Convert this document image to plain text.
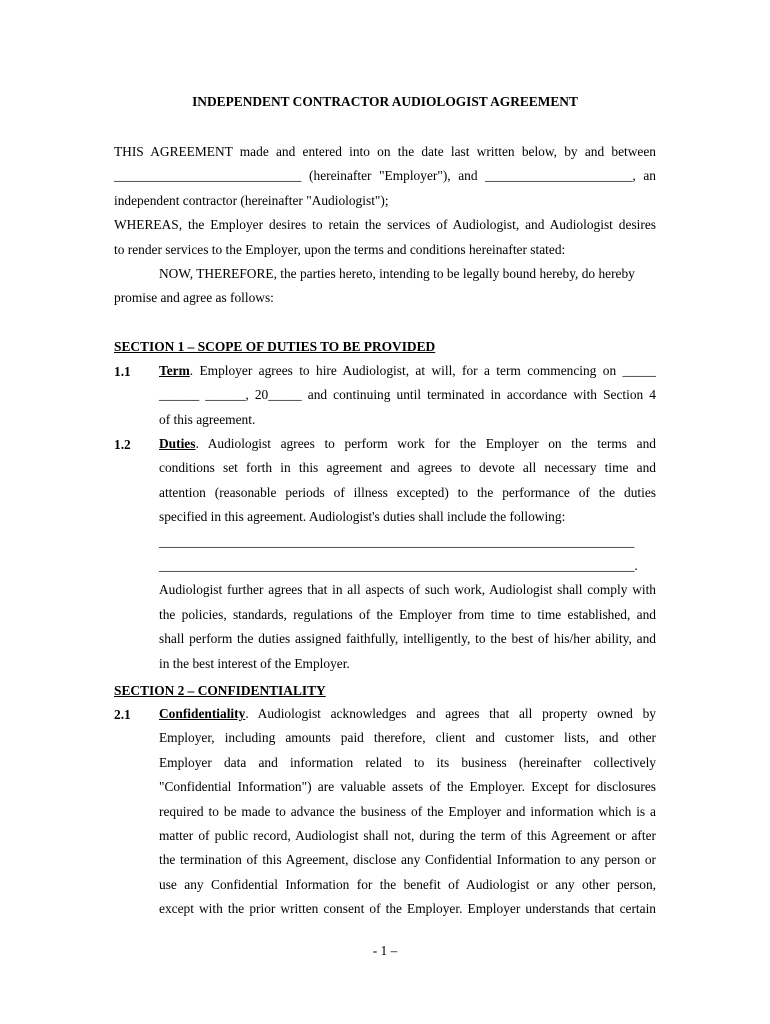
INDEPENDENT CONTRACTOR AUDIOLOGIST AGREEMENT
THIS AGREEMENT made and entered into on the date last written below, by and between
____________________________ (hereinafter "Employer"), and ______________________, an
independent contractor (hereinafter "Audiologist");
WHEREAS, the Employer desires to retain the services of Audiologist, and Audiologist desires
to render services to the Employer, upon the terms and conditions hereinafter stated:
NOW, THEREFORE, the parties hereto, intending to be legally bound hereby, do hereby
promise and agree as follows:
SECTION 1 – SCOPE OF DUTIES TO BE PROVIDED
1.1 Term. Employer agrees to hire Audiologist, at will, for a term commencing on _____
______ ______, 20_____ and continuing until terminated in accordance with Section 4
of this agreement.
1.2 Duties. Audiologist agrees to perform work for the Employer on the terms and
conditions set forth in this agreement and agrees to devote all necessary time and
attention (reasonable periods of illness excepted) to the performance of the duties
specified in this agreement. Audiologist's duties shall include the following:
_______________________________________________________________________
_______________________________________________________________________.
Audiologist further agrees that in all aspects of such work, Audiologist shall comply with
the policies, standards, regulations of the Employer from time to time established, and
shall perform the duties assigned faithfully, intelligently, to the best of his/her ability, and
in the best interest of the Employer.
SECTION 2 – CONFIDENTIALITY
2.1 Confidentiality. Audiologist acknowledges and agrees that all property owned by
Employer, including amounts paid therefore, client and customer lists, and other
Employer data and information related to its business (hereinafter collectively
"Confidential Information") are valuable assets of the Employer. Except for disclosures
required to be made to advance the business of the Employer and information which is a
matter of public record, Audiologist shall not, during the term of this Agreement or after
the termination of this Agreement, disclose any Confidential Information to any person or
use any Confidential Information for the benefit of Audiologist or any other person,
except with the prior written consent of the Employer. Employer understands that certain
- 1 –
